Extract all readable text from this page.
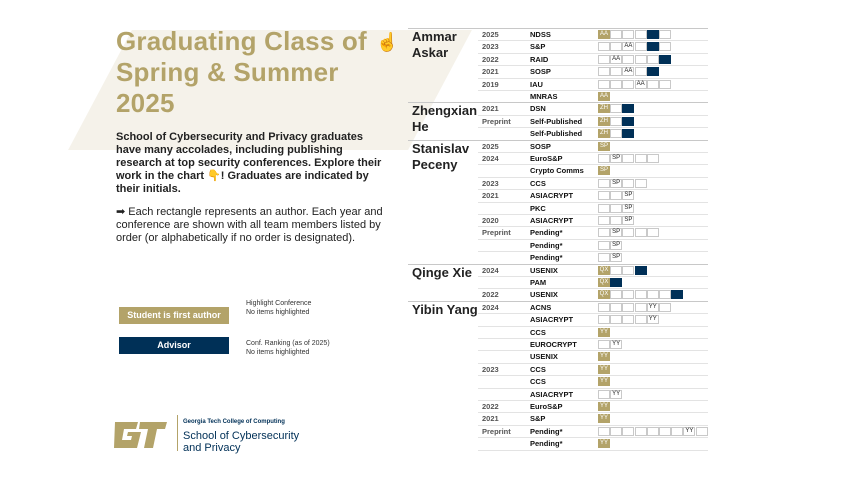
Graduating Class of Spring & Summer 2025
☝
School of Cybersecurity and Privacy graduates have many accolades, including publishing research at top security conferences. Explore their work in the chart 👇! Graduates are indicated by their initials.
➡ Each rectangle represents an author. Each year and conference are shown with all team members listed by order (or alphabetically if no order is designated).
Student is first author
Advisor
Highlight Conference
No items highlighted
Conf. Ranking (as of 2025)
No items highlighted
Georgia Tech College of Computing
School of Cybersecurity
and Privacy
Ammar Askar
2025	NDSS	AA
2023	S&P	AA
2022	RAID	AA
2021	SOSP	AA
2019	IAU	AA
MNRAS	AA
Zhengxian He
2021	DSN	ZH
Preprint	Self-Published	ZH
Self-Published	ZH
Stanislav Peceny
2025	SOSP	SP
2024	EuroS&P	SP
Crypto Comms	SP
2023	CCS	SP
2021	ASIACRYPT	SP
PKC	SP
2020	ASIACRYPT	SP
Preprint	Pending*	SP
Pending*	SP
Pending*	SP
Qinge Xie	2024	USENIX	QX
PAM	QX
2022	USENIX	QX
Yibin Yang 2024	ACNS	YY
ASIACRYPT	YY
CCS	YY
EUROCRYPT	YY
USENIX	YY
2023	CCS	YY
CCS	YY
ASIACRYPT	YY
2022	EuroS&P	YY
2021	S&P	YY
Preprint	Pending*	YY
Pending*	YY
